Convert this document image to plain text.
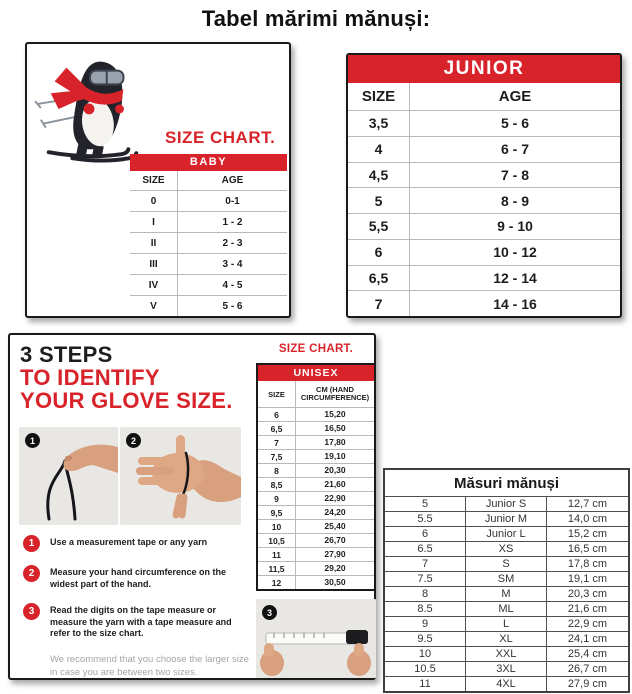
Tabel mărimi mănuși:
SIZE CHART.
BABY
SIZE	AGE
0	0-1
I	1 - 2
II	2 - 3
III	3 - 4
IV	4 - 5
V	5 - 6
JUNIOR
SIZE	AGE
3,5	5 - 6
4	6 - 7
4,5	7 - 8
5	8 - 9
5,5	9 - 10
6	10 - 12
6,5	12 - 14
7	14 - 16
3 STEPS
TO IDENTIFY
YOUR GLOVE SIZE.
1	2
1	Use a measurement tape or any yarn
2	Measure your hand circumference on the widest part of the hand.
3	Read the digits on the tape measure or measure the yarn with a tape measure and refer to the size chart.
We recommend that you choose the larger size in case you are between two sizes.
SIZE CHART.
UNISEX
SIZE
CM (HAND CIRCUMFERENCE)
6	15,20
6,5	16,50
7	17,80
7,5	19,10
8	20,30
8,5	21,60
9	22,90
9,5	24,20
10	25,40
10,5	26,70
11	27,90
11,5	29,20
12	30,50
3
Măsuri mănuși
5	Junior S	12,7 cm
5.5	Junior M	14,0 cm
6	Junior L	15,2 cm
6.5	XS	16,5 cm
7	S	17,8 cm
7.5	SM	19,1 cm
8	M	20,3 cm
8.5	ML	21,6 cm
9	L	22,9 cm
9.5	XL	24,1 cm
10	XXL	25,4 cm
10.5	3XL	26,7 cm
11	4XL	27,9 cm
